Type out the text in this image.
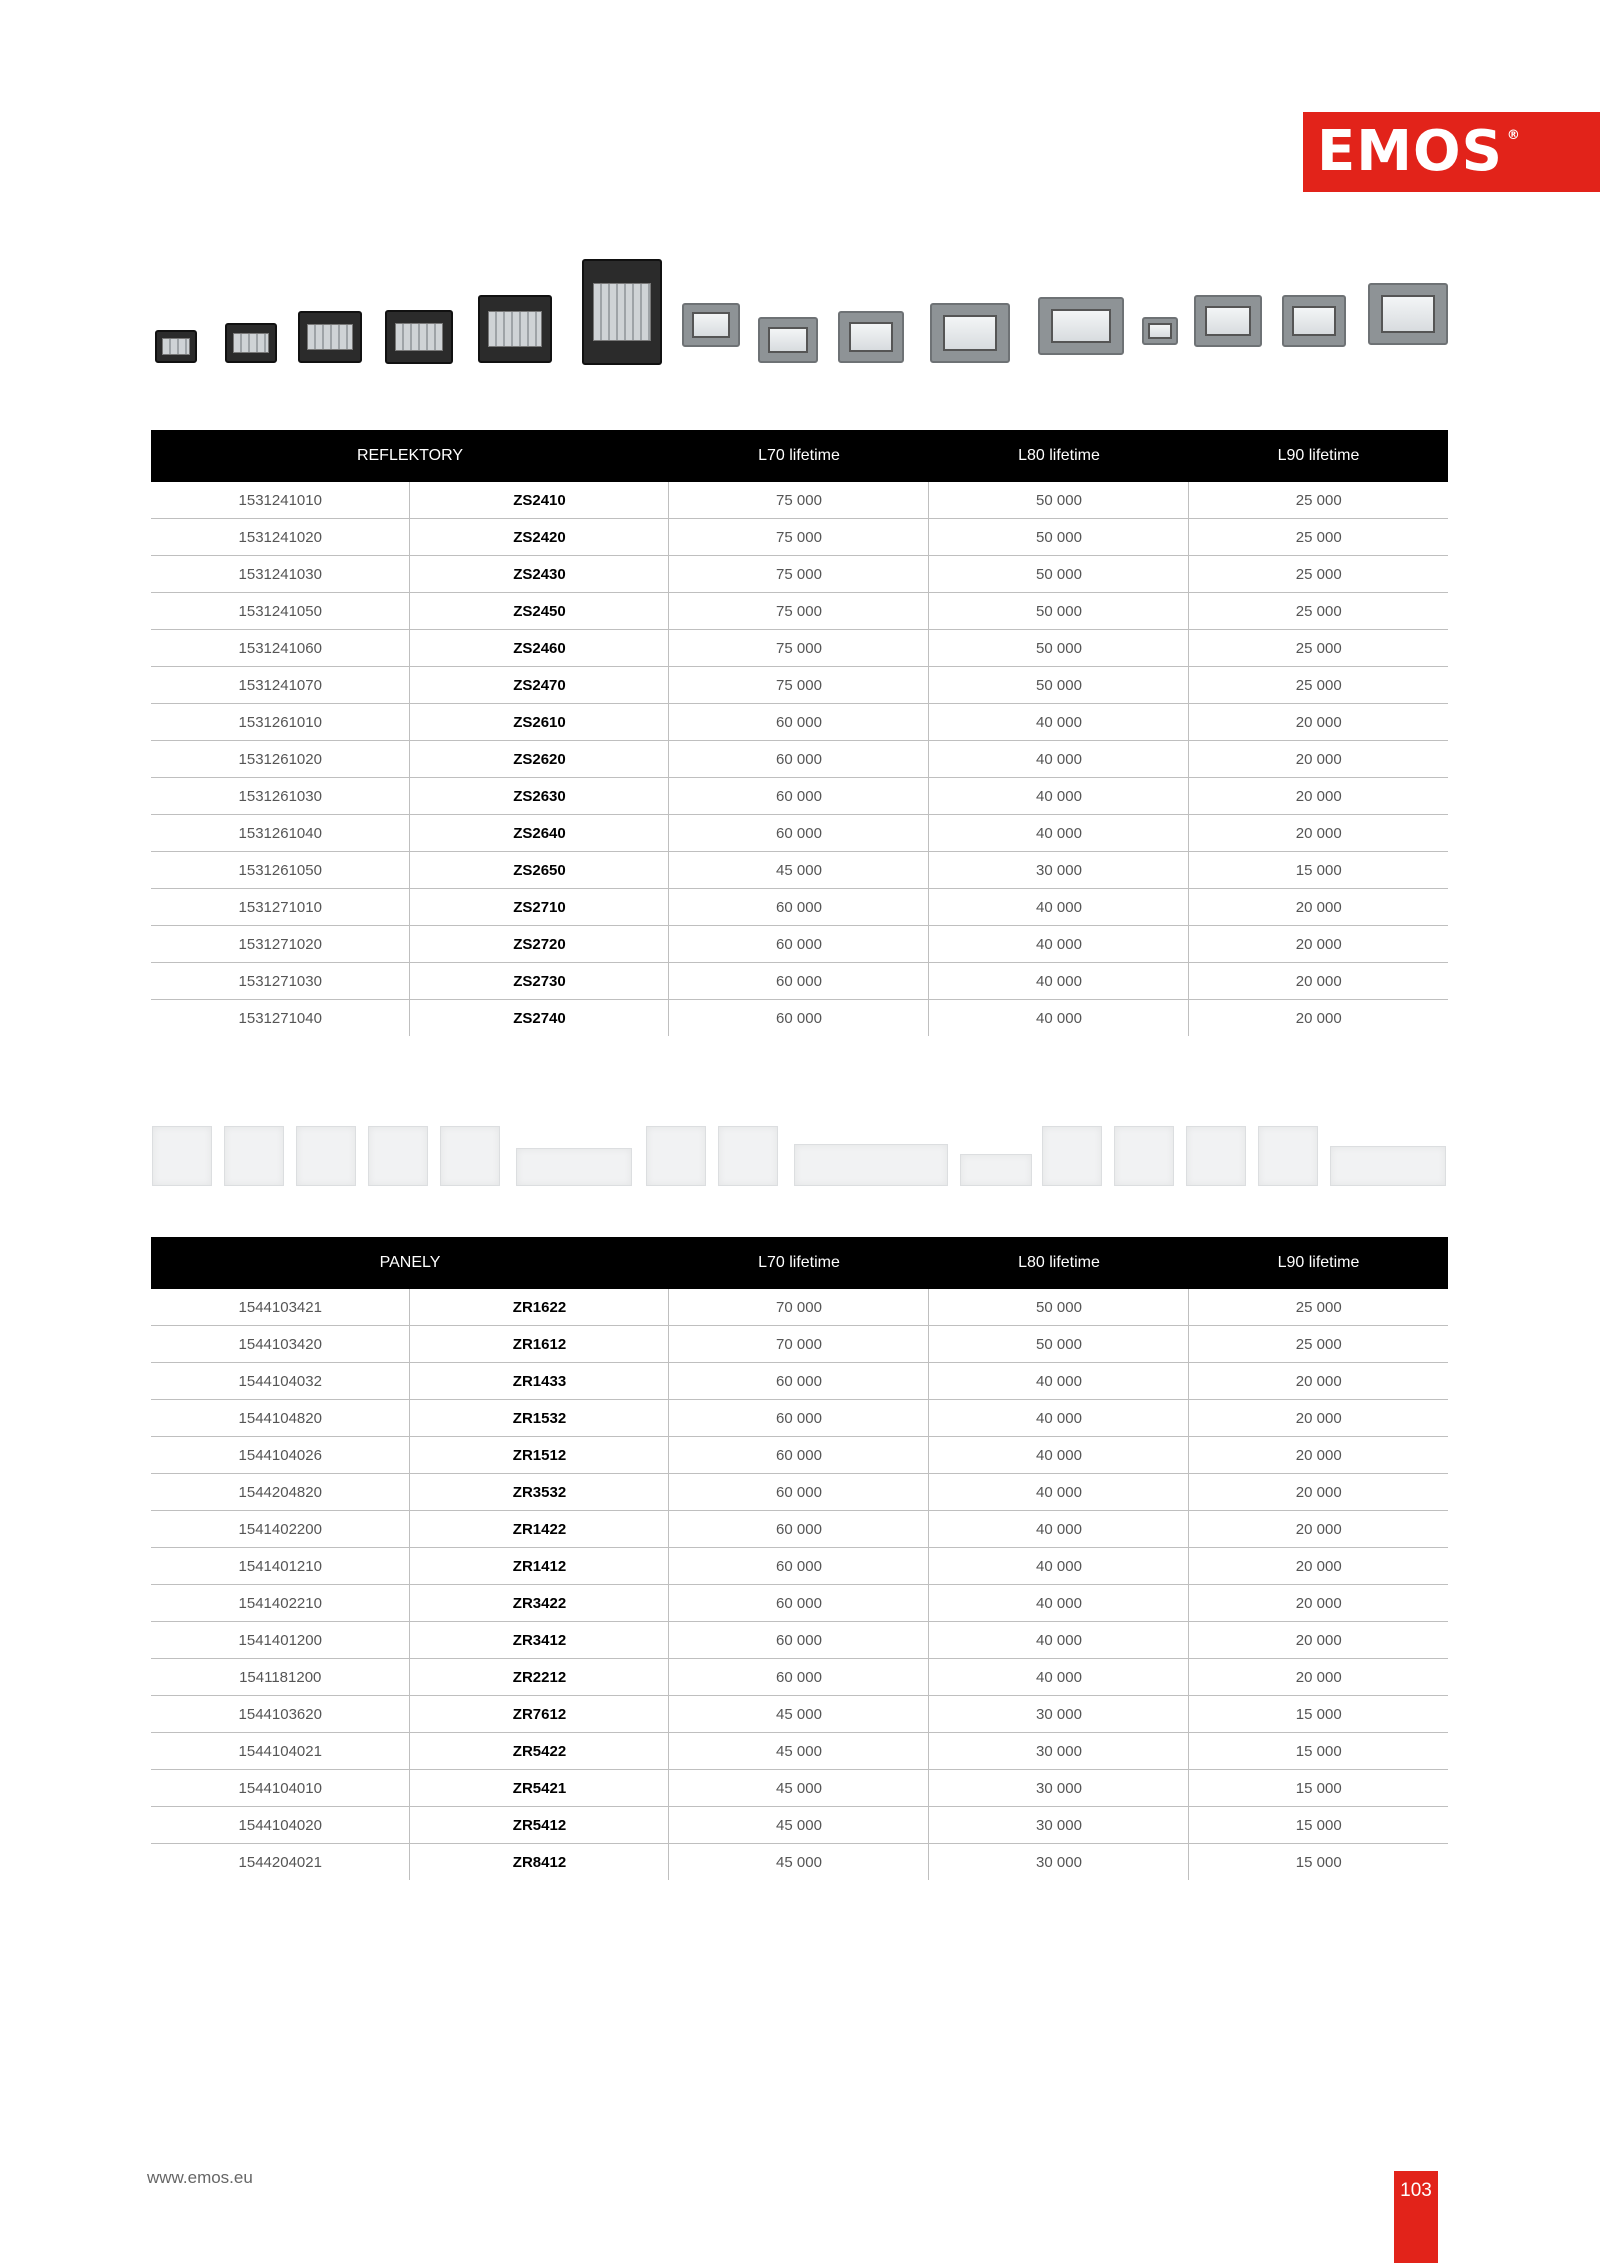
EMOS ®
REFLEKTORY		L70 lifetime	L80 lifetime	L90 lifetime
1531241010	ZS2410	75 000	50 000	25 000
1531241020	ZS2420	75 000	50 000	25 000
1531241030	ZS2430	75 000	50 000	25 000
1531241050	ZS2450	75 000	50 000	25 000
1531241060	ZS2460	75 000	50 000	25 000
1531241070	ZS2470	75 000	50 000	25 000
1531261010	ZS2610	60 000	40 000	20 000
1531261020	ZS2620	60 000	40 000	20 000
1531261030	ZS2630	60 000	40 000	20 000
1531261040	ZS2640	60 000	40 000	20 000
1531261050	ZS2650	45 000	30 000	15 000
1531271010	ZS2710	60 000	40 000	20 000
1531271020	ZS2720	60 000	40 000	20 000
1531271030	ZS2730	60 000	40 000	20 000
1531271040	ZS2740	60 000	40 000	20 000
PANELY		L70 lifetime	L80 lifetime	L90 lifetime
1544103421	ZR1622	70 000	50 000	25 000
1544103420	ZR1612	70 000	50 000	25 000
1544104032	ZR1433	60 000	40 000	20 000
1544104820	ZR1532	60 000	40 000	20 000
1544104026	ZR1512	60 000	40 000	20 000
1544204820	ZR3532	60 000	40 000	20 000
1541402200	ZR1422	60 000	40 000	20 000
1541401210	ZR1412	60 000	40 000	20 000
1541402210	ZR3422	60 000	40 000	20 000
1541401200	ZR3412	60 000	40 000	20 000
1541181200	ZR2212	60 000	40 000	20 000
1544103620	ZR7612	45 000	30 000	15 000
1544104021	ZR5422	45 000	30 000	15 000
1544104010	ZR5421	45 000	30 000	15 000
1544104020	ZR5412	45 000	30 000	15 000
1544204021	ZR8412	45 000	30 000	15 000
www.emos.eu
103
